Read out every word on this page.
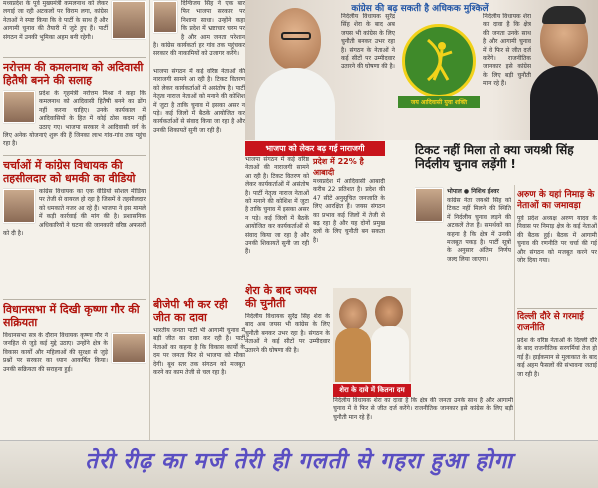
मध्यप्रदेश के पूर्व मुख्यमंत्री कमलनाथ को लेकर लगाई जा रही अटकलों पर विराम लगा, कांग्रेस नेताओं ने स्पष्ट किया कि वे पार्टी के साथ हैं और आगामी चुनाव की तैयारी में जुटे हुए हैं। पार्टी संगठन में उनकी भूमिका अहम बनी रहेगी।
नरोत्तम की कमलनाथ को अदिवासी हितैषी बनने की सलाह
प्रदेश के गृहमंत्री नरोत्तम मिश्रा ने कहा कि कमलनाथ को आदिवासी हितैषी बनने का ढोंग नहीं करना चाहिए। उनके कार्यकाल में आदिवासियों के हित में कोई ठोस कदम नहीं उठाए गए। भाजपा सरकार ने आदिवासी वर्ग के लिए अनेक योजनाएं शुरू की हैं जिनका लाभ गांव-गांव तक पहुंच रहा है।
चर्चाओं में कांग्रेस विधायक की तहसीलदार को धमकी का वीडियो
कांग्रेस विधायक का एक वीडियो सोशल मीडिया पर तेजी से वायरल हो रहा है जिसमें वे तहसीलदार को धमकाते नजर आ रहे हैं। भाजपा ने इस मामले में कड़ी कार्रवाई की मांग की है। प्रशासनिक अधिकारियों ने घटना की जानकारी वरिष्ठ अफसरों को दी है।
विधानसभा में दिखी कृष्णा गौर की सक्रियता
विधानसभा सत्र के दौरान विधायक कृष्णा गौर ने जनहित से जुड़े कई मुद्दे उठाए। उन्होंने क्षेत्र के विकास कार्यों और महिलाओं की सुरक्षा से जुड़े प्रश्नों पर सरकार का ध्यान आकर्षित किया। उनकी सक्रियता की सराहना हुई।
दिग्विजय सिंह ने एक बार फिर भाजपा सरकार पर निशाना साधा। उन्होंने कहा कि प्रदेश में भ्रष्टाचार चरम पर है और आम जनता परेशान है। कांग्रेस कार्यकर्ता हर गांव तक पहुंचकर सरकार की नाकामियों को उजागर करेंगे।
भाजपा संगठन में कई वरिष्ठ नेताओं की नाराजगी सामने आ रही है। टिकट वितरण को लेकर कार्यकर्ताओं में असंतोष है। पार्टी नेतृत्व नाराज नेताओं को मनाने की कोशिश में जुटा है ताकि चुनाव में इसका असर न पड़े। कई जिलों में बैठकें आयोजित कर कार्यकर्ताओं से संवाद किया जा रहा है और उनकी शिकायतें सुनी जा रही हैं।
कांग्रेस की बढ़ सकती है अधिकक मुश्किलें
निर्दलीय विधायक सुरेंद्र सिंह शेरा के बाद अब जयस भी कांग्रेस के लिए चुनौती बनकर उभर रहा है। संगठन के नेताओं ने कई सीटों पर उम्मीदवार उतारने की घोषणा की है।
जय आदिवासी युवा शक्ति
निर्दलीय विधायक शेरा का दावा है कि क्षेत्र की जनता उनके साथ है और आगामी चुनाव में वे फिर से जीत दर्ज करेंगे। राजनीतिक जानकार इसे कांग्रेस के लिए बड़ी चुनौती मान रहे हैं।
भाजपा को लेकर बढ़ गई नाराजगी
भाजपा संगठन में कई वरिष्ठ नेताओं की नाराजगी सामने आ रही है। टिकट वितरण को लेकर कार्यकर्ताओं में असंतोष है। पार्टी नेतृत्व नाराज नेताओं को मनाने की कोशिश में जुटा है ताकि चुनाव में इसका असर न पड़े। कई जिलों में बैठकें आयोजित कर कार्यकर्ताओं से संवाद किया जा रहा है और उनकी शिकायतें सुनी जा रही हैं।
प्रदेश में 22% है आबादी
मध्यप्रदेश में आदिवासी आबादी करीब 22 प्रतिशत है। प्रदेश की 47 सीटें अनुसूचित जनजाति के लिए आरक्षित हैं। जयस संगठन का प्रभाव कई जिलों में तेजी से बढ़ रहा है और यह दोनों प्रमुख दलों के लिए चुनौती बन सकता है।
बीजेपी भी कर रही जीत का दावा
भारतीय जनता पार्टी भी आगामी चुनाव में बड़ी जीत का दावा कर रही है। पार्टी नेताओं का कहना है कि विकास कार्यों के दम पर जनता फिर से भाजपा को मौका देगी। बूथ स्तर तक संगठन को मजबूत करने का काम तेजी से चल रहा है।
शेरा के बाद जयस की चुनौती
निर्दलीय विधायक सुरेंद्र सिंह शेरा के बाद अब जयस भी कांग्रेस के लिए चुनौती बनकर उभर रहा है। संगठन के नेताओं ने कई सीटों पर उम्मीदवार उतारने की घोषणा की है।
शेरा के दावे में कितना दम
निर्दलीय विधायक शेरा का दावा है कि क्षेत्र की जनता उनके साथ है और आगामी चुनाव में वे फिर से जीत दर्ज करेंगे। राजनीतिक जानकार इसे कांग्रेस के लिए बड़ी चुनौती मान रहे हैं।
टिकट नहीं मिला तो क्या जयश्री सिंह निर्दलीय चुनाव लड़ेंगी !
भोपाल ● निशिथ ईश्वर
कांग्रेस नेता जयश्री सिंह को टिकट नहीं मिलने की स्थिति में निर्दलीय चुनाव लड़ने की अटकलें तेज हैं। समर्थकों का कहना है कि क्षेत्र में उनकी मजबूत पकड़ है। पार्टी सूत्रों के अनुसार अंतिम निर्णय जल्द लिया जाएगा।
अरुण के यहां निमाड़ के नेताओं का जमावड़ा
पूर्व प्रदेश अध्यक्ष अरुण यादव के निवास पर निमाड़ क्षेत्र के कई नेताओं की बैठक हुई। बैठक में आगामी चुनाव की रणनीति पर चर्चा की गई और संगठन को मजबूत करने पर जोर दिया गया।
दिल्ली दौरे से गरमाई राजनीति
प्रदेश के वरिष्ठ नेताओं के दिल्ली दौरे के बाद राजनीतिक सरगर्मियां तेज हो गई हैं। हाईकमान से मुलाकात के बाद कई अहम फैसलों की संभावना जताई जा रही है।
तेरी रीढ़ का मर्ज तेरी ही गलती से गहरा हुआ होगा
